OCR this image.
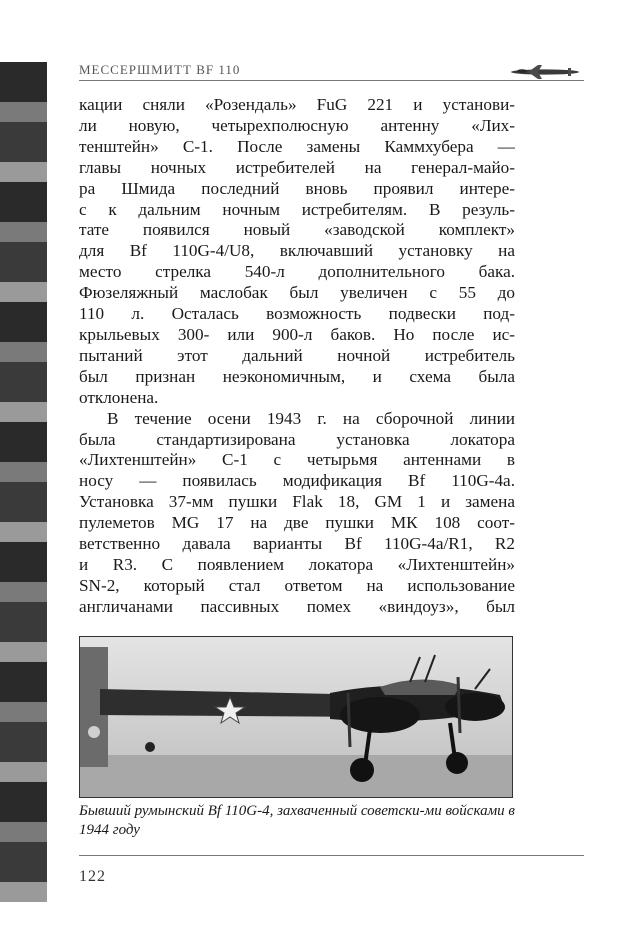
МЕССЕРШМИТТ BF 110
кации сняли «Розендаль» FuG 221 и установи-
ли новую, четырехполюсную антенну «Лих-
тенштейн» С-1. После замены Каммхубера —
главы ночных истребителей на генерал-майо-
ра Шмида последний вновь проявил интере-
с к дальним ночным истребителям. В резуль-
тате появился новый «заводской комплект»
для Bf 110G-4/U8, включавший установку на
место стрелка 540-л дополнительного бака.
Фюзеляжный маслобак был увеличен с 55 до
110 л. Осталась возможность подвески под-
крыльевых 300- или 900-л баков. Но после ис-
пытаний этот дальний ночной истребитель
был признан неэкономичным, и схема была
отклонена.
В течение осени 1943 г. на сборочной линии
была стандартизирована установка локатора
«Лихтенштейн» С-1 с четырьмя антеннами в
носу — появилась модификация Bf 110G-4a.
Установка 37-мм пушки Flak 18, GM 1 и замена
пулеметов MG 17 на две пушки МК 108 соот-
ветственно давала варианты Bf 110G-4a/R1, R2
и R3. С появлением локатора «Лихтенштейн»
SN-2, который стал ответом на использование
англичанами пассивных помех «виндоуз», был
Бывший румынский Bf 110G-4, захваченный советски-ми войсками в 1944 году
122
